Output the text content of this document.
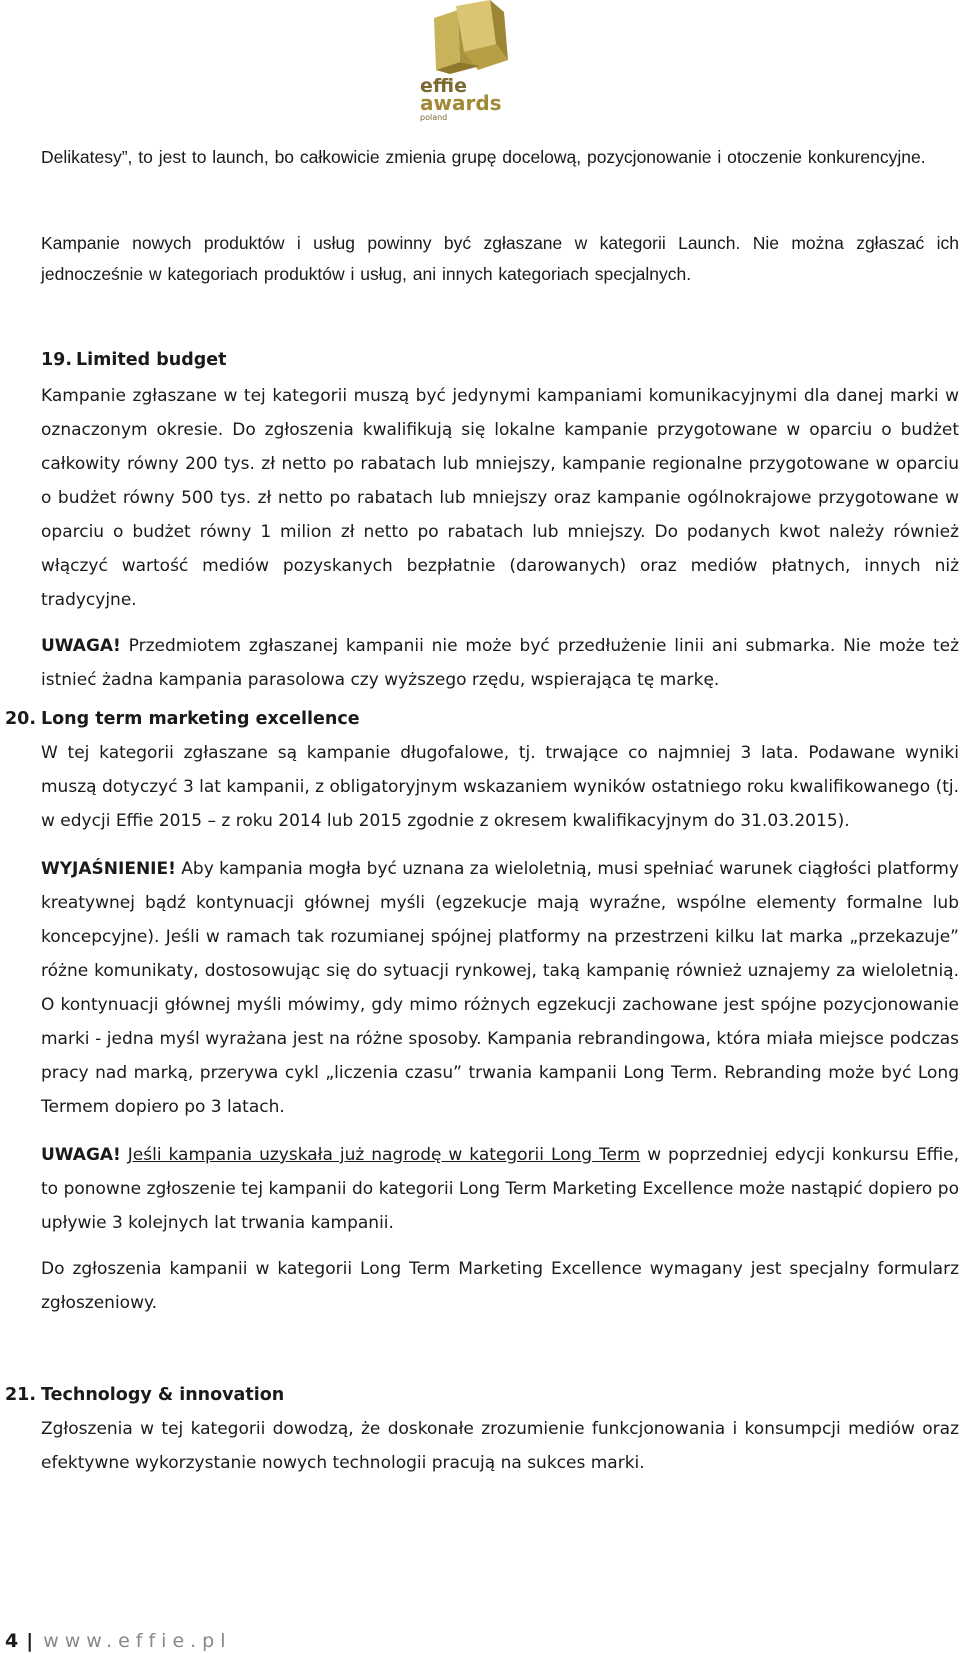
effie
awards
poland

Delikatesy”, to jest to launch, bo całkowicie zmienia grupę docelową, pozycjonowanie i otoczenie konkurencyjne.

Kampanie nowych produktów i usług powinny być zgłaszane w kategorii Launch. Nie można zgłaszać ich jednocześnie w kategoriach produktów i usług, ani innych kategoriach specjalnych.

19. Limited budget

Kampanie zgłaszane w tej kategorii muszą być jedynymi kampaniami komunikacyjnymi dla danej marki w oznaczonym okresie. Do zgłoszenia kwalifikują się lokalne kampanie przygotowane w oparciu o budżet całkowity równy 200 tys. zł netto po rabatach lub mniejszy, kampanie regionalne przygotowane w oparciu o budżet równy 500 tys. zł netto po rabatach lub mniejszy oraz kampanie ogólnokrajowe przygotowane w oparciu o budżet równy 1 milion zł netto po rabatach lub mniejszy. Do podanych kwot należy również włączyć wartość mediów pozyskanych bezpłatnie (darowanych) oraz mediów płatnych, innych niż tradycyjne.

UWAGA! Przedmiotem zgłaszanej kampanii nie może być przedłużenie linii ani submarka. Nie może też istnieć żadna kampania parasolowa czy wyższego rzędu, wspierająca tę markę.

20. Long term marketing excellence

W tej kategorii zgłaszane są kampanie długofalowe, tj. trwające co najmniej 3 lata. Podawane wyniki muszą dotyczyć 3 lat kampanii, z obligatoryjnym wskazaniem wyników ostatniego roku kwalifikowanego (tj. w edycji Effie 2015 – z roku 2014 lub 2015 zgodnie z okresem kwalifikacyjnym do 31.03.2015).

WYJAŚNIENIE! Aby kampania mogła być uznana za wieloletnią, musi spełniać warunek ciągłości platformy kreatywnej bądź kontynuacji głównej myśli (egzekucje mają wyraźne, wspólne elementy formalne lub koncepcyjne). Jeśli w ramach tak rozumianej spójnej platformy na przestrzeni kilku lat marka „przekazuje” różne komunikaty, dostosowując się do sytuacji rynkowej, taką kampanię również uznajemy za wieloletnią. O kontynuacji głównej myśli mówimy, gdy mimo różnych egzekucji zachowane jest spójne pozycjonowanie marki - jedna myśl wyrażana jest na różne sposoby. Kampania rebrandingowa, która miała miejsce podczas pracy nad marką, przerywa cykl „liczenia czasu” trwania kampanii Long Term. Rebranding może być Long Termem dopiero po 3 latach.

UWAGA! Jeśli kampania uzyskała już nagrodę w kategorii Long Term w poprzedniej edycji konkursu Effie, to ponowne zgłoszenie tej kampanii do kategorii Long Term Marketing Excellence może nastąpić dopiero po upływie 3 kolejnych lat trwania kampanii.

Do zgłoszenia kampanii w kategorii Long Term Marketing Excellence wymagany jest specjalny formularz zgłoszeniowy.

21. Technology & innovation

Zgłoszenia w tej kategorii dowodzą, że doskonałe zrozumienie funkcjonowania i konsumpcji mediów oraz efektywne wykorzystanie nowych technologii pracują na sukces marki.

4 | www.effie.pl
